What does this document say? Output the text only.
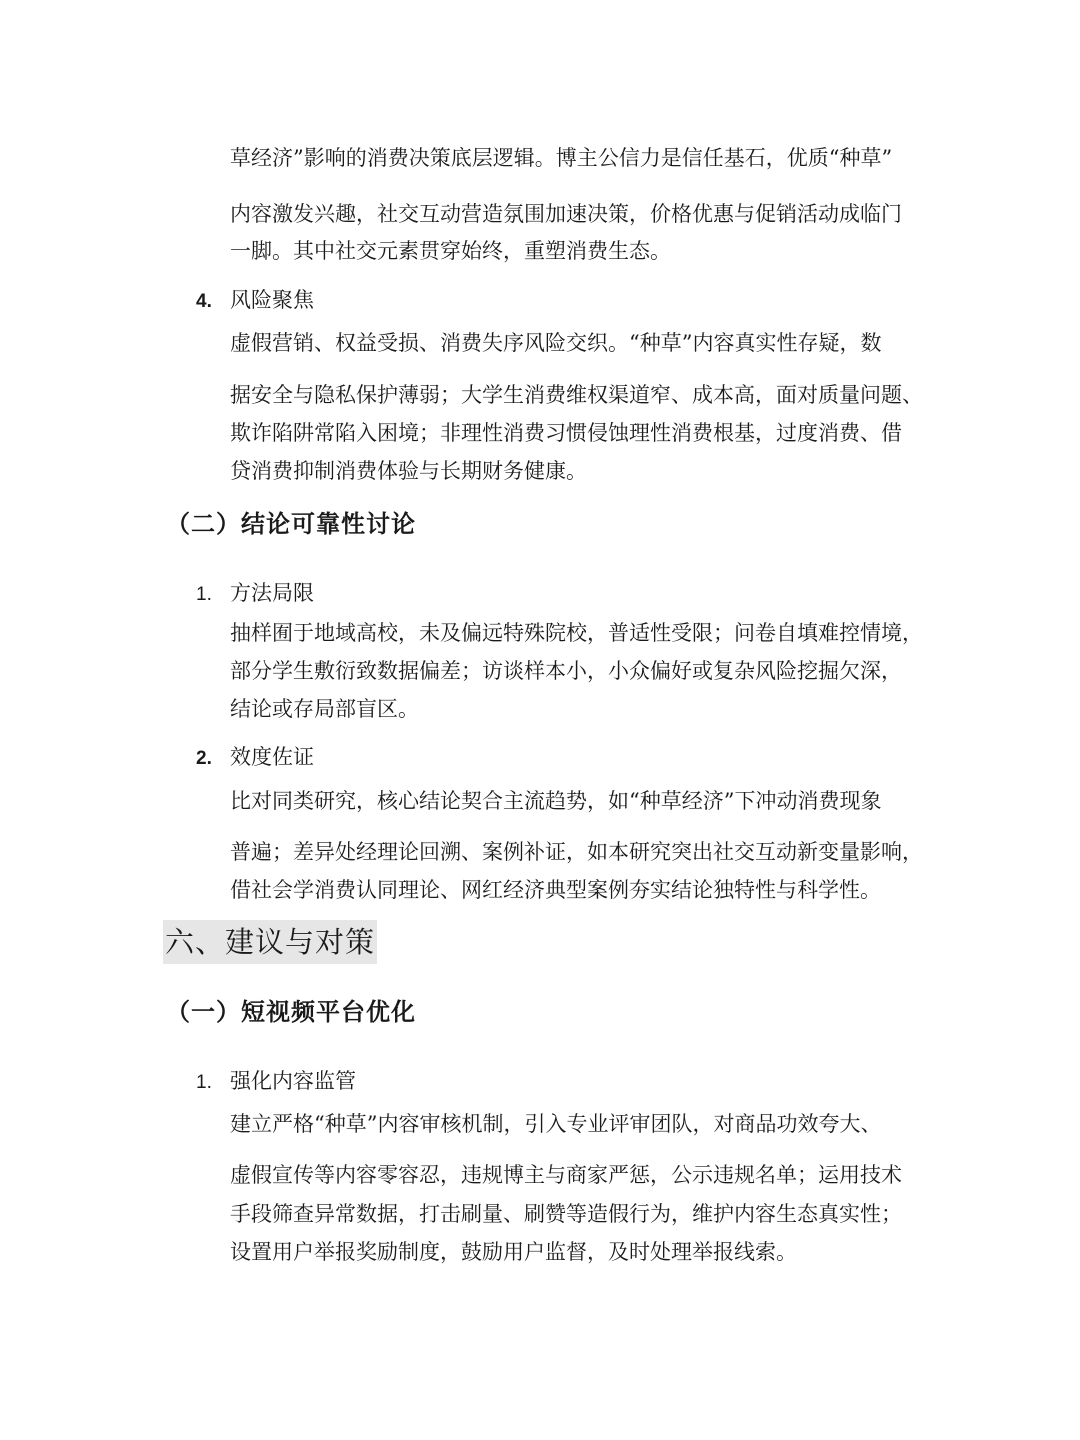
草经济”影响的消费决策底层逻辑。博主公信力是信任基石，优质“种草”
内容激发兴趣，社交互动营造氛围加速决策，价格优惠与促销活动成临门
一脚。其中社交元素贯穿始终，重塑消费生态。
4. 风险聚焦
虚假营销、权益受损、消费失序风险交织。“种草”内容真实性存疑，数
据安全与隐私保护薄弱；大学生消费维权渠道窄、成本高，面对质量问题、
欺诈陷阱常陷入困境；非理性消费习惯侵蚀理性消费根基，过度消费、借
贷消费抑制消费体验与长期财务健康。
（二）结论可靠性讨论
1. 方法局限
抽样囿于地域高校，未及偏远特殊院校，普适性受限；问卷自填难控情境，
部分学生敷衍致数据偏差；访谈样本小，小众偏好或复杂风险挖掘欠深，
结论或存局部盲区。
2. 效度佐证
比对同类研究，核心结论契合主流趋势，如“种草经济”下冲动消费现象
普遍；差异处经理论回溯、案例补证，如本研究突出社交互动新变量影响，
借社会学消费认同理论、网红经济典型案例夯实结论独特性与科学性。
六、建议与对策
（一）短视频平台优化
1. 强化内容监管
建立严格“种草”内容审核机制，引入专业评审团队，对商品功效夸大、
虚假宣传等内容零容忍，违规博主与商家严惩，公示违规名单；运用技术
手段筛查异常数据，打击刷量、刷赞等造假行为，维护内容生态真实性；
设置用户举报奖励制度，鼓励用户监督，及时处理举报线索。
